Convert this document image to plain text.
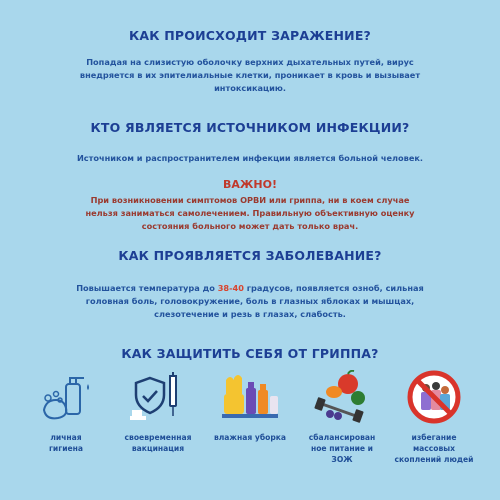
КАК ПРОИСХОДИТ ЗАРАЖЕНИЕ?
Попадая на слизистую оболочку верхних дыхательных путей, вирус
внедряется в их эпителиальные клетки, проникает в кровь и вызывает
интоксикацию.
КТО ЯВЛЯЕТСЯ ИСТОЧНИКОМ ИНФЕКЦИИ?
Источником и распространителем инфекции является больной человек.
ВАЖНО!
При возникновении симптомов ОРВИ или гриппа, ни в коем случае
нельзя заниматься самолечением. Правильную объективную оценку
состояния больного может дать только врач.
КАК ПРОЯВЛЯЕТСЯ ЗАБОЛЕВАНИЕ?
Повышается температура до 38-40 градусов, появляется озноб, сильная
головная боль, головокружение, боль в глазных яблоках и мышцах,
слезотечение и резь в глазах, слабость.
КАК ЗАЩИТИТЬ СЕБЯ ОТ ГРИППА?
личная
гигиена
своевременная
вакцинация
влажная уборка	сбалансирован
ное питание и
ЗОЖ
избегание
массовых
скоплений людей
